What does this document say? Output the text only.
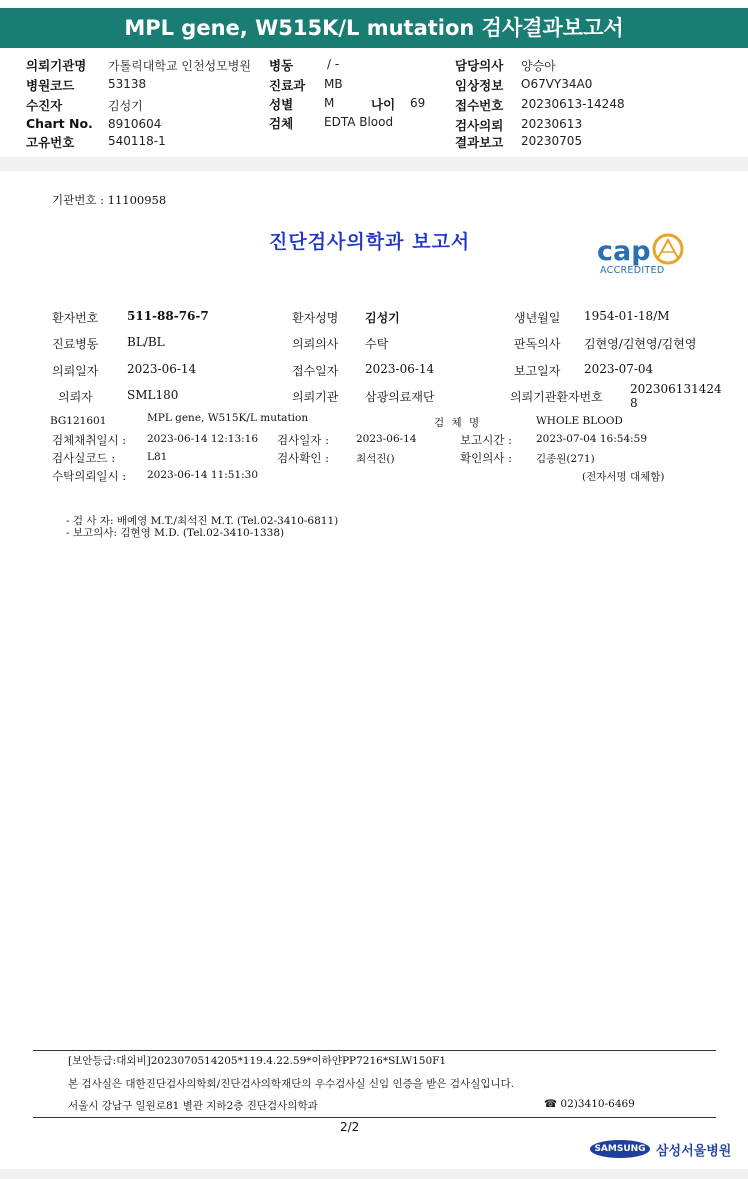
MPL gene, W515K/L mutation 검사결과보고서
의뢰기관명 가톨릭대학교 인천성모병원
병원코드	53138
수진자	김성기
Chart No. 8910604
고유번호	540118-1
병동	/ -
진료과 MB
성별	M	나이 69
검체	EDTA Blood
담당의사 양승아
임상정보 O67VY34A0
접수번호 20230613-14248
검사의뢰 20230613
결과보고 20230705
기관번호 : 11100958
진단검사의학과 보고서	cap
ACCREDITED
환자번호 511-88-76-7	환자성명 김성기	생년월일 1954-01-18/M
진료병동 BL/BL	의뢰의사 수탁	판독의사 김현영/김현영/김현영
의뢰일자 2023-06-14	접수일자 2023-06-14	보고일자 2023-07-04
의뢰자	SML180	의뢰기관 삼광의료재단	의뢰기관환자번호
202306131424
8
BG121601	MPL gene, W515K/L mutation	검 체 명	WHOLE BLOOD
검체채취일시 : 2023-06-14 12:13:16 검사일자 :	2023-06-14	보고시간 : 2023-07-04 16:54:59
검사실코드 :	L81	검사확인 :	최석진()	확인의사 : 김종원(271)
수탁의뢰일시 : 2023-06-14 11:51:30	(전자서명 대체함)
- 검 사 자: 배예영 M.T./최석진 M.T. (Tel.02-3410-6811)
- 보고의사: 김현영 M.D. (Tel.02-3410-1338)
[보안등급:대외비]2023070514205*119.4.22.59*이하얀PP7216*SLW150F1
본 검사실은 대한진단검사의학회/진단검사의학재단의 우수검사실 신임 인증을 받은 검사실입니다.
서울시 강남구 일원로81 별관 지하2층 진단검사의학과	☎ 02)3410-6469
2/2
SAMSUNG 삼성서울병원
